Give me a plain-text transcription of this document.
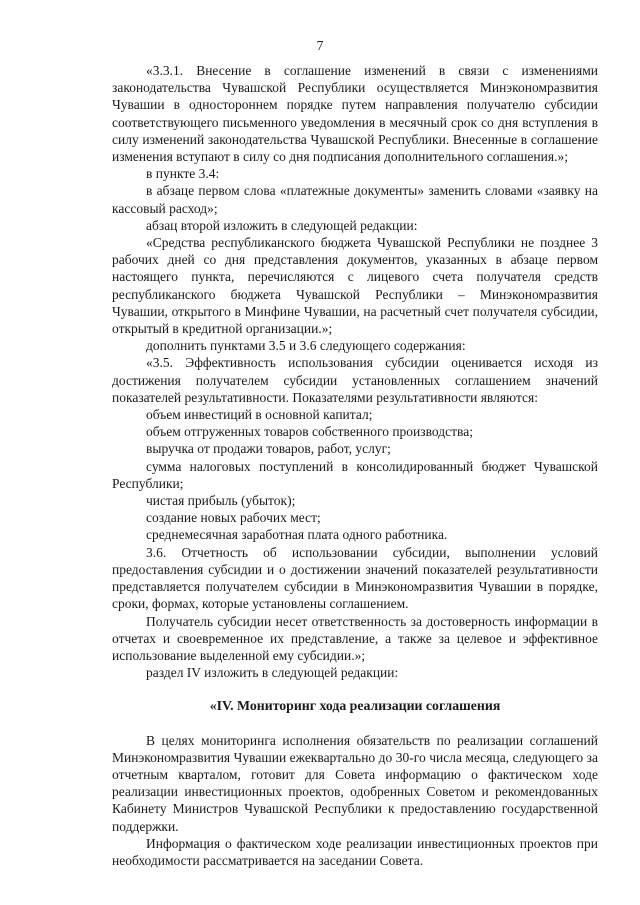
7

«3.3.1. Внесение в соглашение изменений в связи с изменениями законодательства Чувашской Республики осуществляется Минэкономразвития Чувашии в одностороннем порядке путем направления получателю субсидии соответствующего письменного уведомления в месячный срок со дня вступления в силу изменений законодательства Чувашской Республики. Внесенные в соглашение изменения вступают в силу со дня подписания дополнительного соглашения.»;

в пункте 3.4:

в абзаце первом слова «платежные документы» заменить словами «заявку на кассовый расход»;

абзац второй изложить в следующей редакции:

«Средства республиканского бюджета Чувашской Республики не позднее 3 рабочих дней со дня представления документов, указанных в абзаце первом настоящего пункта, перечисляются с лицевого счета получателя средств республиканского бюджета Чувашской Республики – Минэкономразвития Чувашии, открытого в Минфине Чувашии, на расчетный счет получателя субсидии, открытый в кредитной организации.»;

дополнить пунктами 3.5 и 3.6 следующего содержания:

«3.5. Эффективность использования субсидии оценивается исходя из достижения получателем субсидии установленных соглашением значений показателей результативности. Показателями результативности являются:

объем инвестиций в основной капитал;

объем отгруженных товаров собственного производства;

выручка от продажи товаров, работ, услуг;

сумма налоговых поступлений в консолидированный бюджет Чувашской Республики;

чистая прибыль (убыток);

создание новых рабочих мест;

среднемесячная заработная плата одного работника.

3.6. Отчетность об использовании субсидии, выполнении условий предоставления субсидии и о достижении значений показателей результативности представляется получателем субсидии в Минэкономразвития Чувашии в порядке, сроки, формах, которые установлены соглашением.

Получатель субсидии несет ответственность за достоверность информации в отчетах и своевременное их представление, а также за целевое и эффективное использование выделенной ему субсидии.»;

раздел IV изложить в следующей редакции:

«IV. Мониторинг хода реализации соглашения

В целях мониторинга исполнения обязательств по реализации соглашений Минэкономразвития Чувашии ежеквартально до 30-го числа месяца, следующего за отчетным кварталом, готовит для Совета информацию о фактическом ходе реализации инвестиционных проектов, одобренных Советом и рекомендованных Кабинету Министров Чувашской Республики к предоставлению государственной поддержки.

Информация о фактическом ходе реализации инвестиционных проектов при необходимости рассматривается на заседании Совета.
